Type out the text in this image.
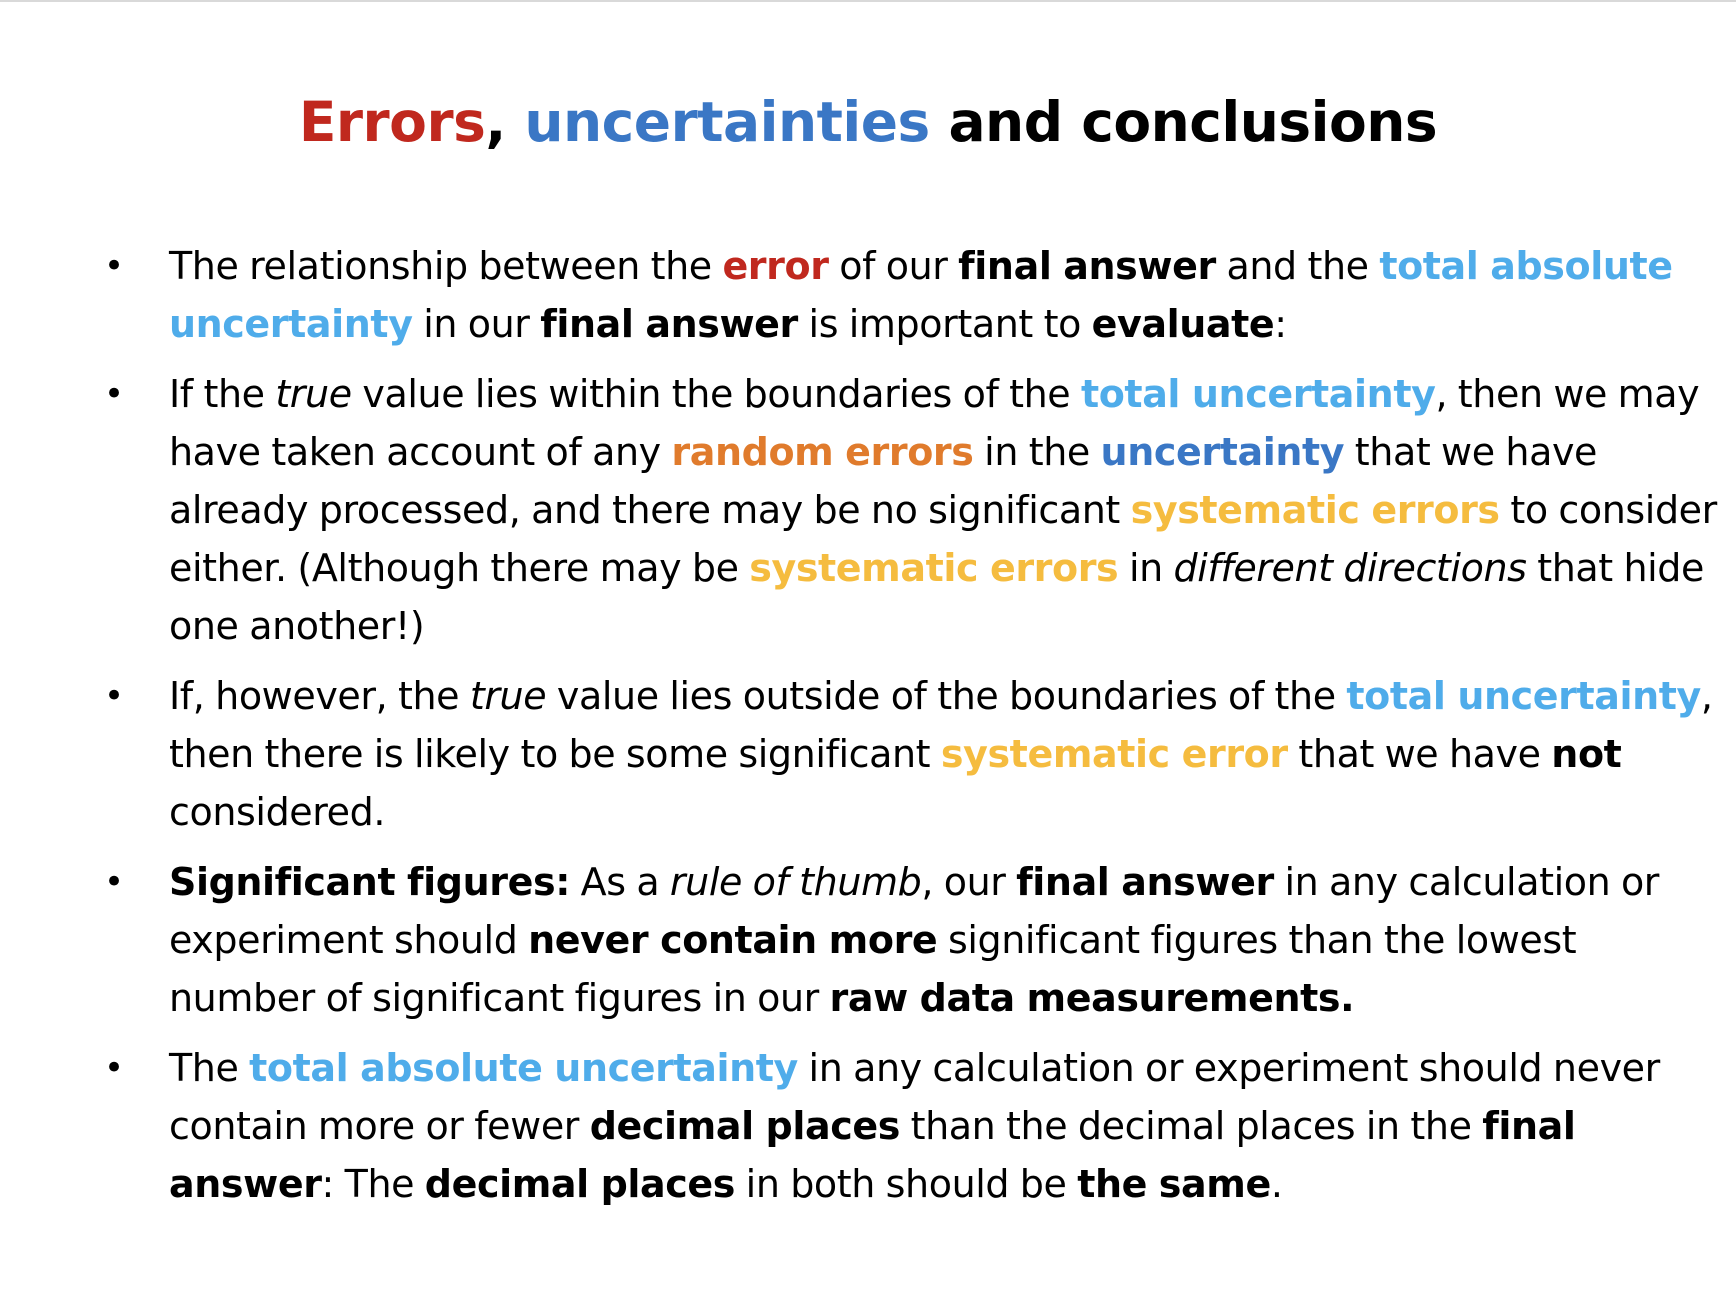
Errors, uncertainties and conclusions
• The relationship between the error of our final answer and the total absolute uncertainty in our final answer is important to evaluate:
• If the true value lies within the boundaries of the total uncertainty, then we may have taken account of any random errors in the uncertainty that we have already processed, and there may be no significant systematic errors to consider either. (Although there may be systematic errors in different directions that hide one another!)
• If, however, the true value lies outside of the boundaries of the total uncertainty, then there is likely to be some significant systematic error that we have not considered.
• Significant figures: As a rule of thumb, our final answer in any calculation or experiment should never contain more significant figures than the lowest number of significant figures in our raw data measurements.
• The total absolute uncertainty in any calculation or experiment should never contain more or fewer decimal places than the decimal places in the final answer: The decimal places in both should be the same.
